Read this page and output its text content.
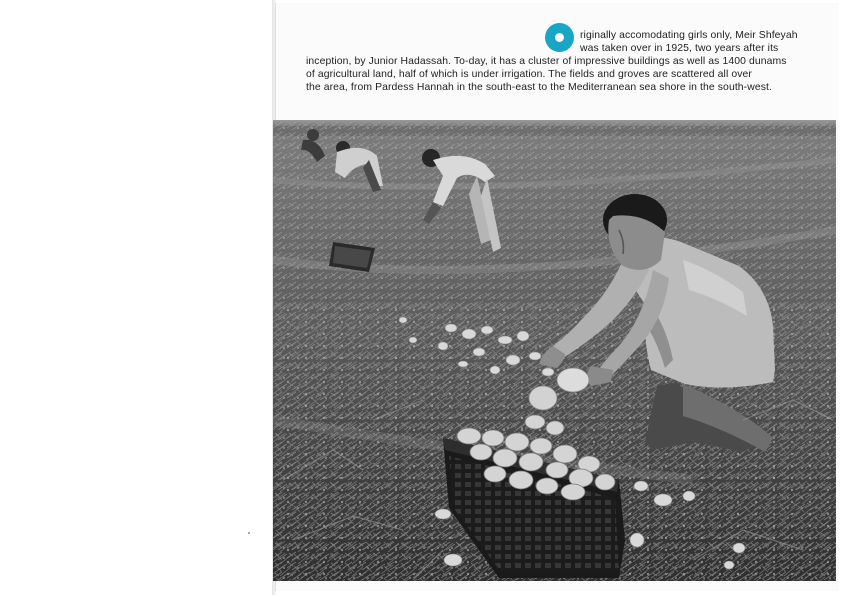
riginally accomodating girls only, Meir Shfeyah

was taken over in 1925, two years after its

inception, by Junior Hadassah. To-day, it has a cluster of impressive buildings as well as 1400 dunams

of agricultural land, half of which is under irrigation. The fields and groves are scattered all over

the area, from Pardess Hannah in the south-east to the Mediterranean sea shore in the south-west.
